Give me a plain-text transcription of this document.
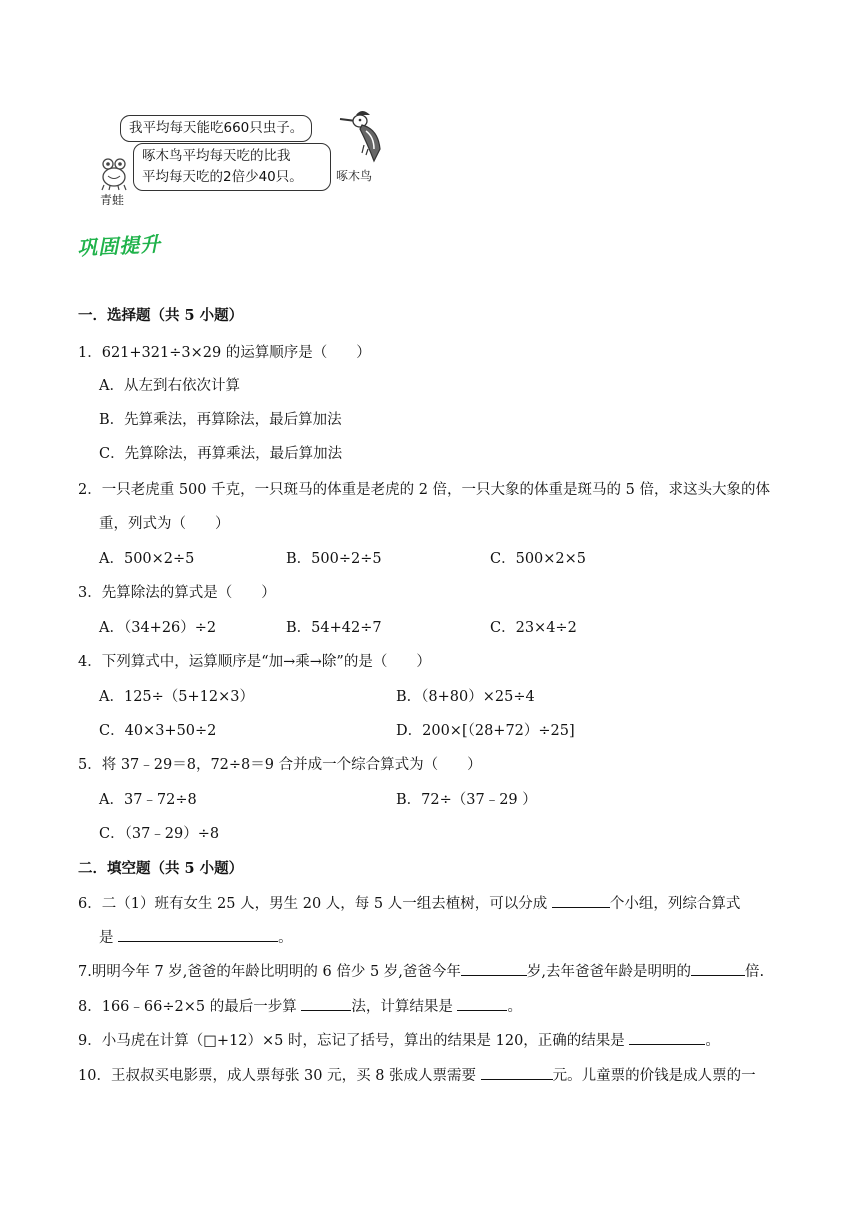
我平均每天能吃660只虫子。
啄木鸟平均每天吃的比我
平均每天吃的2倍少40只。
青蛙
啄木鸟
巩固提升
一．选择题（共 5 小题）
1．621+321÷3×29 的运算顺序是（　　）
A．从左到右依次计算
B．先算乘法，再算除法，最后算加法
C．先算除法，再算乘法，最后算加法
2．一只老虎重 500 千克，一只斑马的体重是老虎的 2 倍，一只大象的体重是斑马的 5 倍，求这头大象的体
重，列式为（　　）
A．500×2÷5	B．500÷2÷5	C．500×2×5
3．先算除法的算式是（　　）
A．（34+26）÷2	B．54+42÷7	C．23×4÷2
4．下列算式中，运算顺序是“加→乘→除”的是（　　）
A．125÷（5+12×3）	B．（8+80）×25÷4
C．40×3+50÷2	D．200×[（28+72）÷25]
5．将 37﹣29＝8，72÷8＝9 合并成一个综合算式为（　　）
A．37﹣72÷8	B．72÷（37﹣29 ）
C．（37﹣29）÷8
二．填空题（共 5 小题）
6．二（1）班有女生 25 人，男生 20 人，每 5 人一组去植树，可以分成	个小组，列综合算式
是	。
7.明明今年 7 岁,爸爸的年龄比明明的 6 倍少 5 岁,爸爸今年	岁,去年爸爸年龄是明明的	倍.
8．166﹣66÷2×5 的最后一步算	法，计算结果是	。
9．小马虎在计算（□+12）×5 时，忘记了括号，算出的结果是 120，正确的结果是	。
10．王叔叔买电影票，成人票每张 30 元，买 8 张成人票需要	元。儿童票的价钱是成人票的一
